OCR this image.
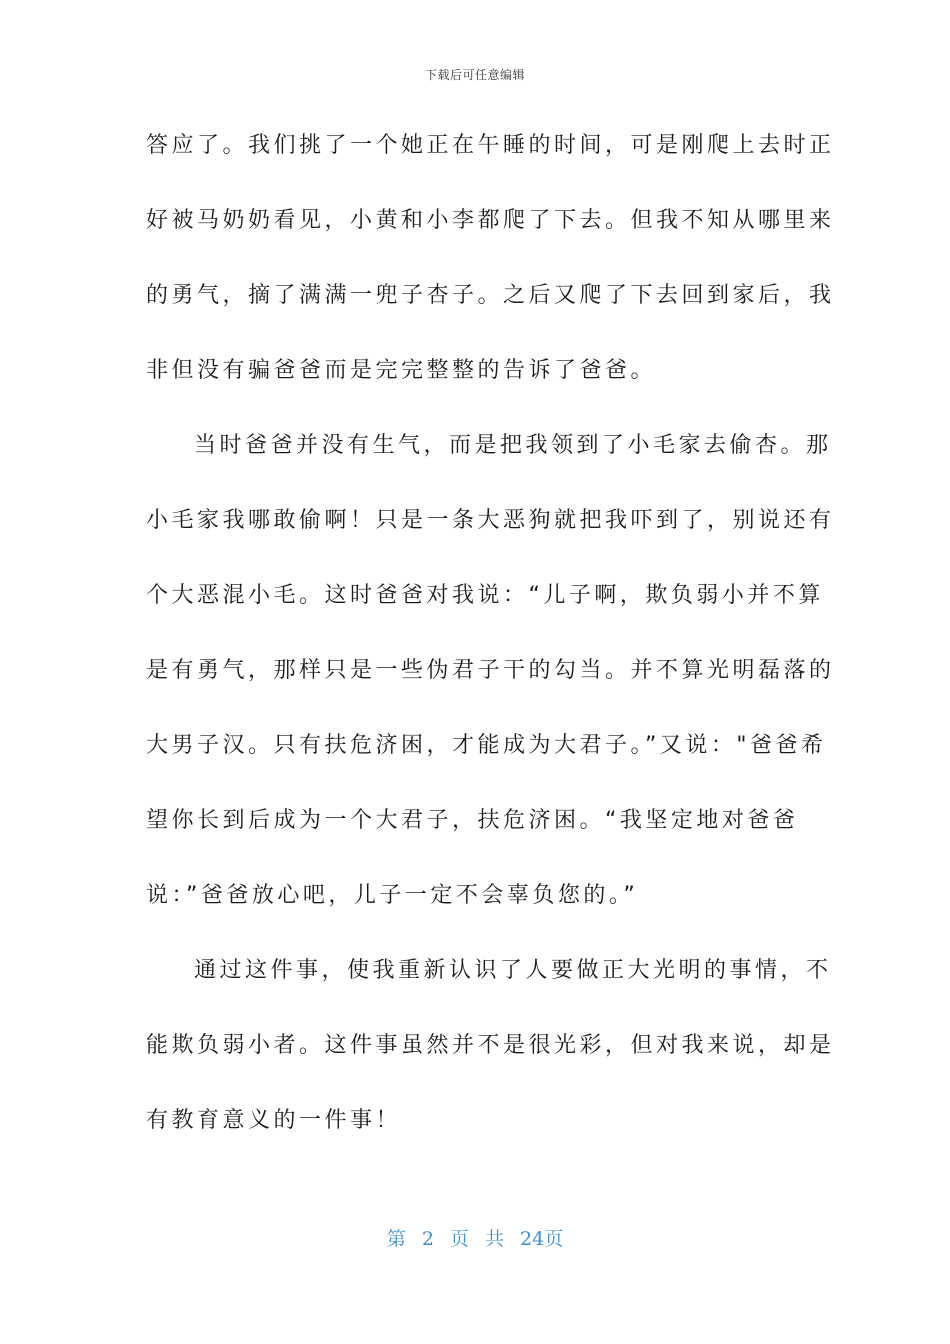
下载后可任意编辑
答应了。我们挑了一个她正在午睡的时间，可是刚爬上去时正
好被马奶奶看见，小黄和小李都爬了下去。但我不知从哪里来
的勇气，摘了满满一兜子杏子。之后又爬了下去回到家后，我
非但没有骗爸爸而是完完整整的告诉了爸爸。
当时爸爸并没有生气，而是把我领到了小毛家去偷杏。那
小毛家我哪敢偷啊！只是一条大恶狗就把我吓到了，别说还有
个大恶混小毛。这时爸爸对我说：“儿子啊，欺负弱小并不算
是有勇气，那样只是一些伪君子干的勾当。并不算光明磊落的
大男子汉。只有扶危济困，才能成为大君子。”又说："爸爸希
望你长到后成为一个大君子，扶危济困。“我坚定地对爸爸
说：”爸爸放心吧，儿子一定不会辜负您的。”
通过这件事，使我重新认识了人要做正大光明的事情，不
能欺负弱小者。这件事虽然并不是很光彩，但对我来说，却是
有教育意义的一件事！
第 2 页 共 24页
